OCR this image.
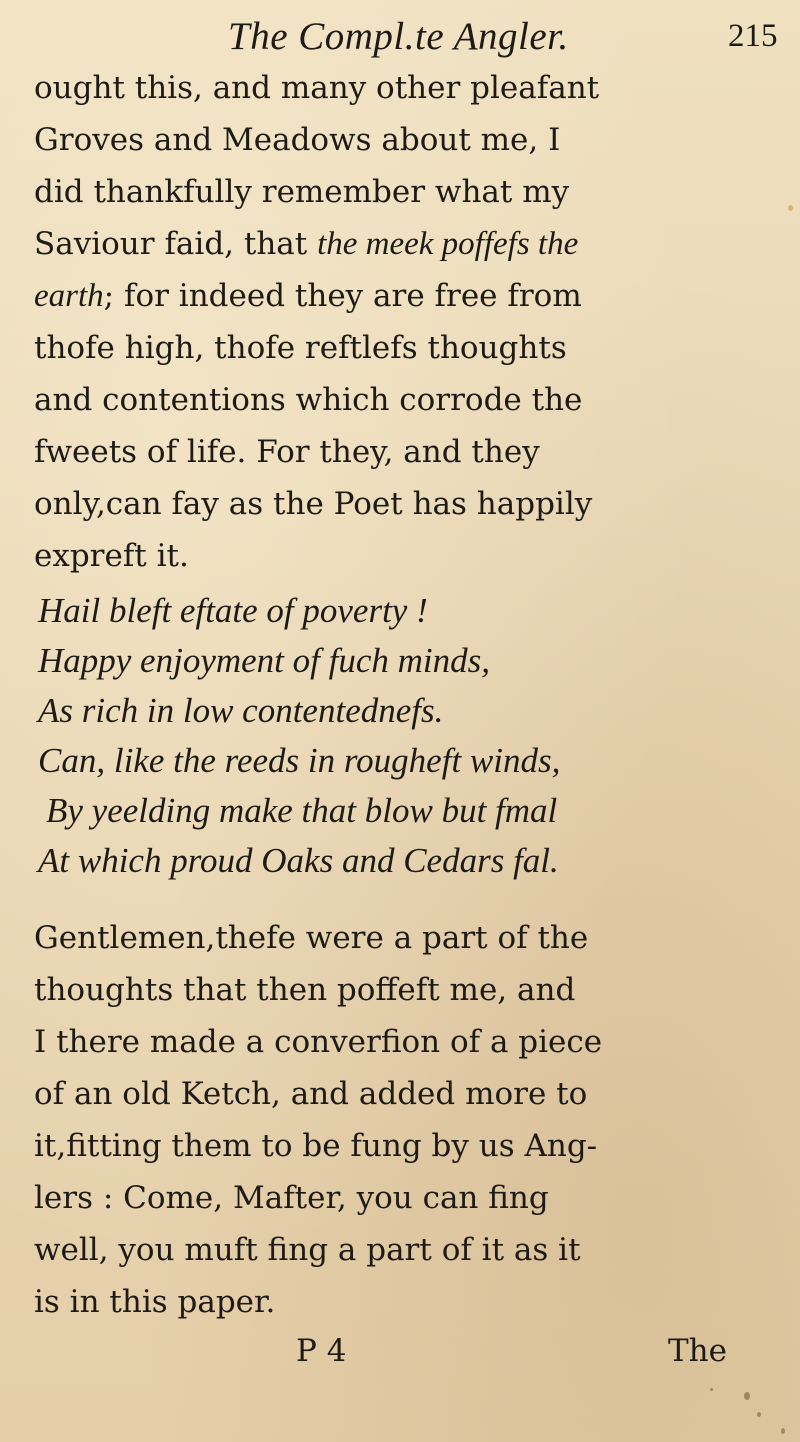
The Compl.te Angler.	215
ought this, and many other pleafant
Groves and Meadows about me, I
did thankfully remember what my
Saviour faid, that the meek poffefs the
earth; for indeed they are free from
thofe high, thofe reftlefs thoughts
and contentions which corrode the
fweets of life. For they, and they
only,can fay as the Poet has happily
expreft it.
Hail bleft eftate of poverty !
Happy enjoyment of fuch minds,
As rich in low contentednefs.
Can, like the reeds in rougheft winds,
By yeelding make that blow but fmal
At which proud Oaks and Cedars fal.
Gentlemen,thefe were a part of the
thoughts that then poffeft me, and
I there made a converfion of a piece
of an old Ketch, and added more to
it,fitting them to be fung by us Ang-
lers : Come, Mafter, you can fing
well, you muft fing a part of it as it
is in this paper.
P 4	The
